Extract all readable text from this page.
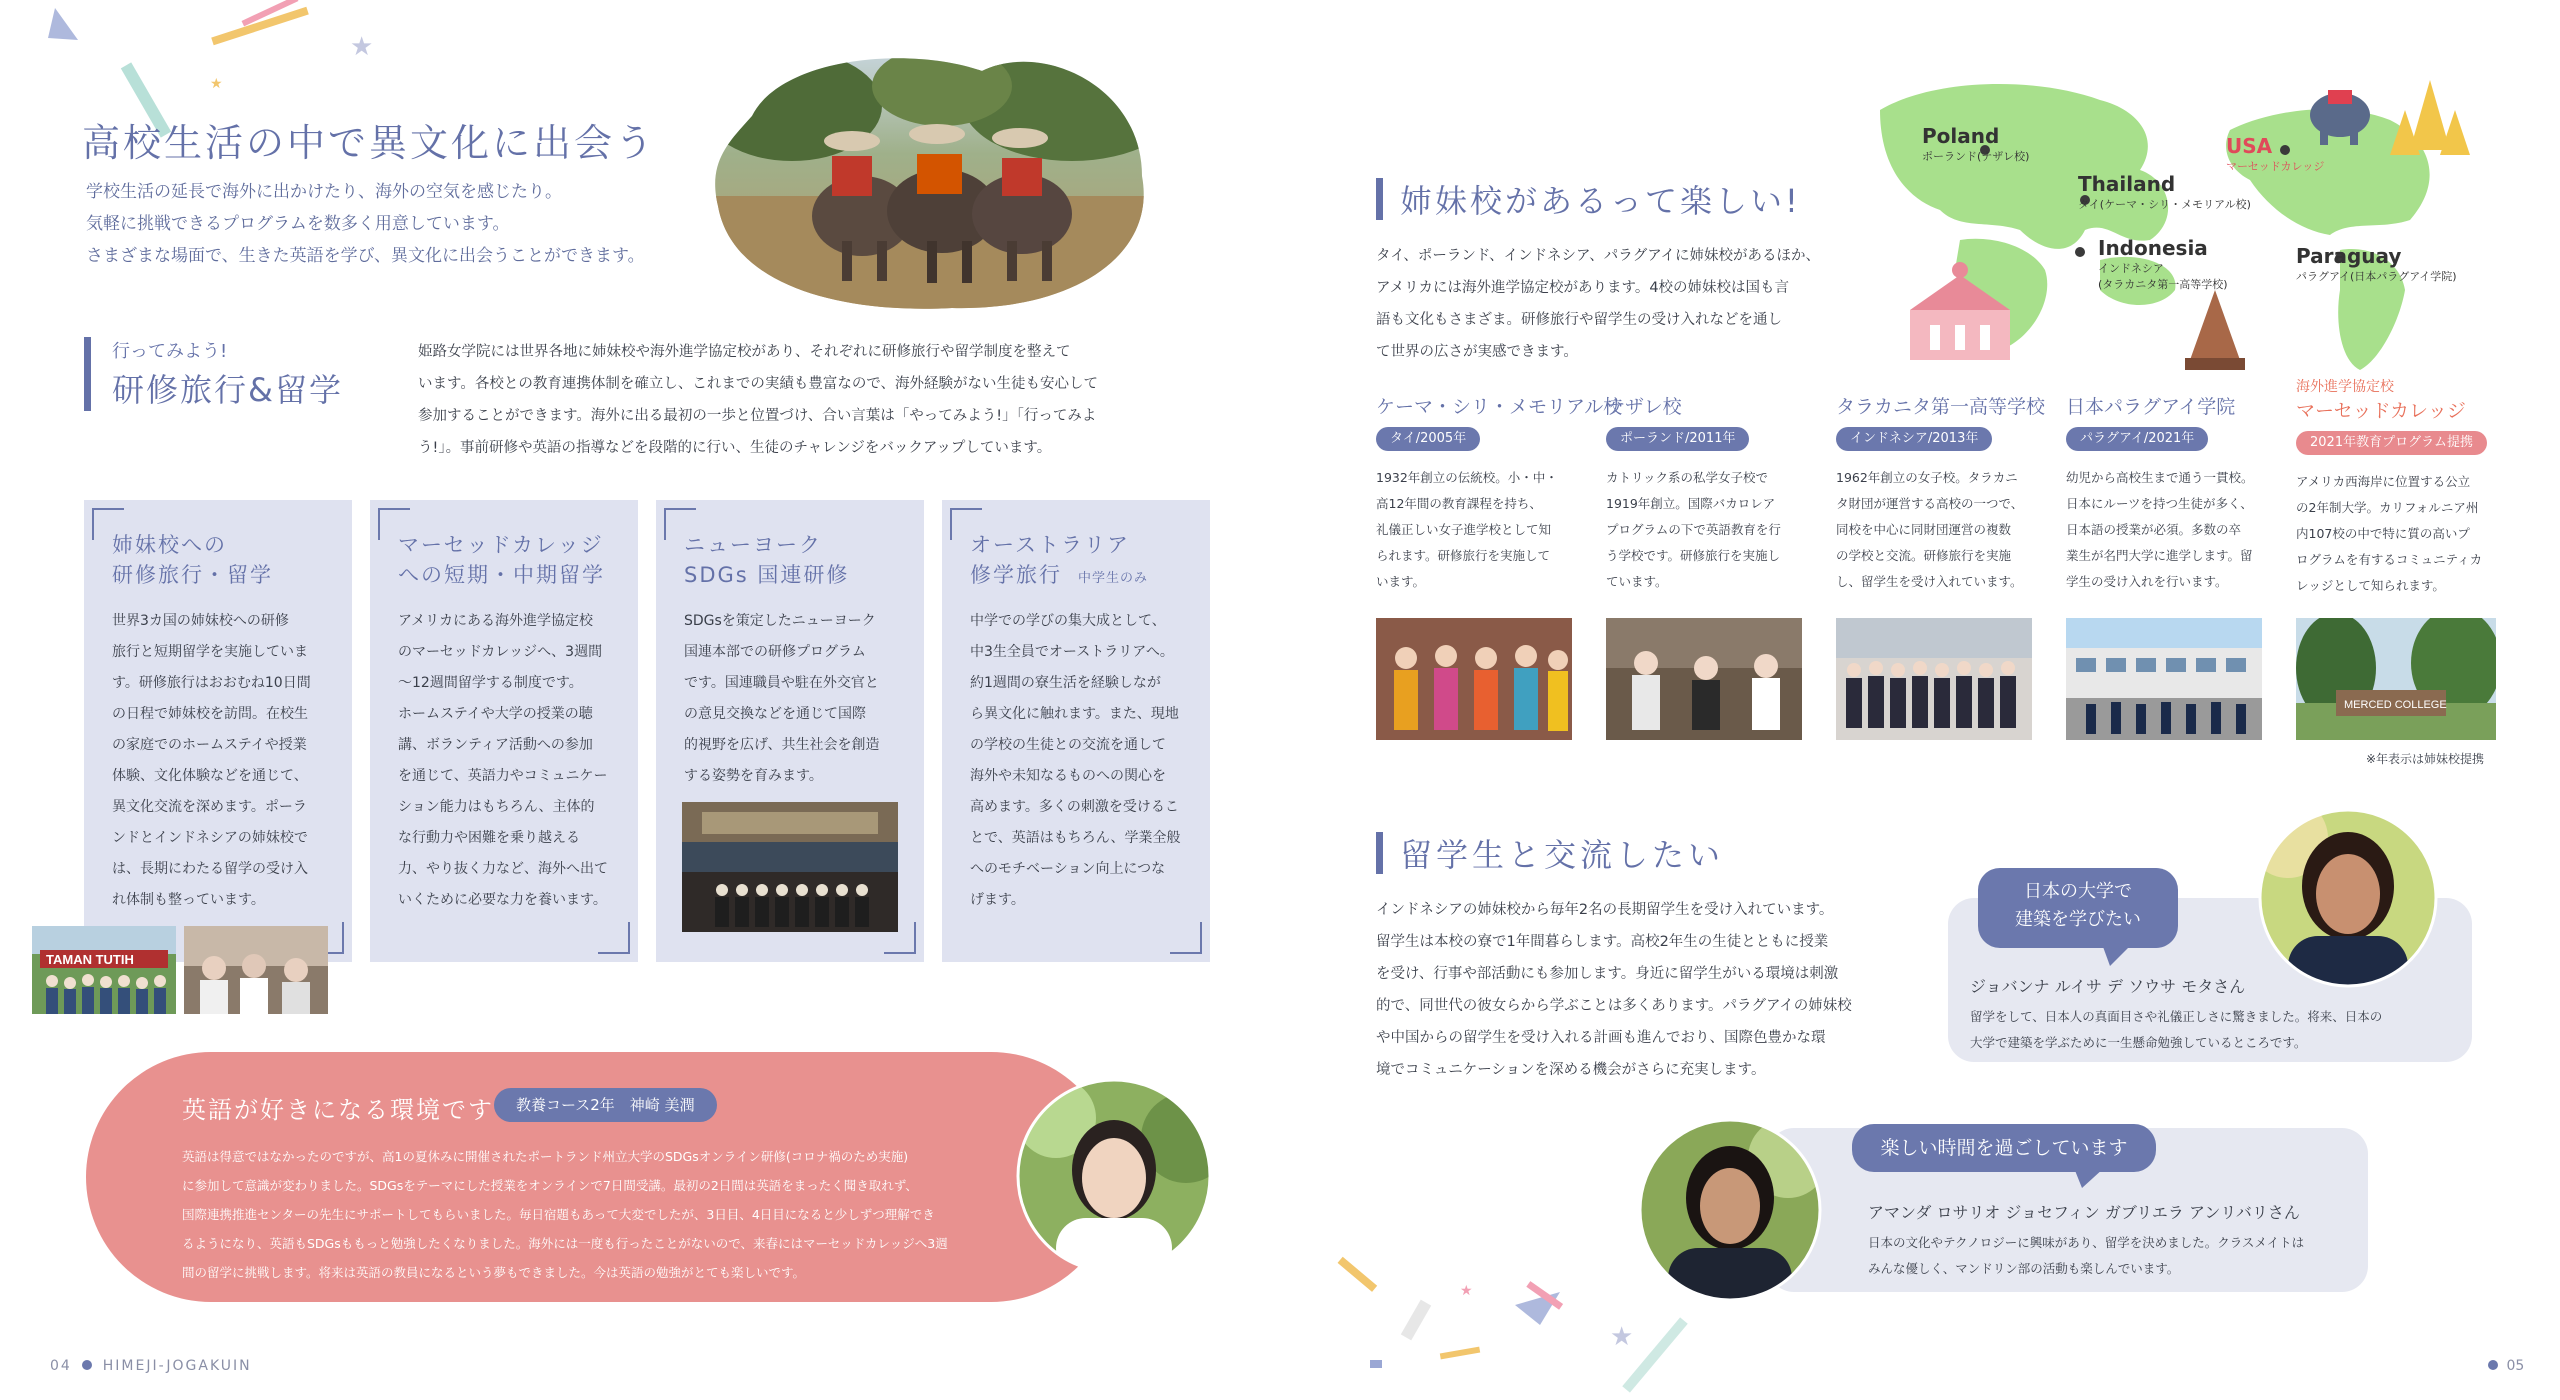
★
★
★
★
高校生活の中で異文化に出会う
学校生活の延長で海外に出かけたり、海外の空気を感じたり。
気軽に挑戦できるプログラムを数多く用意しています。
さまざまな場面で、生きた英語を学び、異文化に出会うことができます。
行ってみよう!
研修旅行&留学
姫路女学院には世界各地に姉妹校や海外進学協定校があり、それぞれに研修旅行や留学制度を整えて
います。各校との教育連携体制を確立し、これまでの実績も豊富なので、海外経験がない生徒も安心して
参加することができます。海外に出る最初の一歩と位置づけ、合い言葉は「やってみよう!」「行ってみよ
う!」。事前研修や英語の指導などを段階的に行い、生徒のチャレンジをバックアップしています。
姉妹校への
研修旅行・留学
世界3カ国の姉妹校への研修
旅行と短期留学を実施していま
す。研修旅行はおおむね10日間
の日程で姉妹校を訪問。在校生
の家庭でのホームステイや授業
体験、文化体験などを通じて、
異文化交流を深めます。ポーラ
ンドとインドネシアの姉妹校で
は、長期にわたる留学の受け入
れ体制も整っています。
マーセッドカレッジ
への短期・中期留学
アメリカにある海外進学協定校
のマーセッドカレッジへ、3週間
〜12週間留学する制度です。
ホームステイや大学の授業の聴
講、ボランティア活動への参加
を通じて、英語力やコミュニケー
ション能力はもちろん、主体的
な行動力や困難を乗り越える
力、やり抜く力など、海外へ出て
いくために必要な力を養います。
ニューヨーク
SDGs 国連研修
SDGsを策定したニューヨーク
国連本部での研修プログラム
です。国連職員や駐在外交官と
の意見交換などを通じて国際
的視野を広げ、共生社会を創造
する姿勢を育みます。
オーストラリア
修学旅行 中学生のみ
中学での学びの集大成として、
中3生全員でオーストラリアへ。
約1週間の寮生活を経験しなが
ら異文化に触れます。また、現地
の学校の生徒との交流を通して
海外や未知なるものへの関心を
高めます。多くの刺激を受けるこ
とで、英語はもちろん、学業全般
へのモチベーション向上につな
げます。
TAMAN TUTIH
英語が好きになる環境です	教養コース2年　神崎 美潤
英語は得意ではなかったのですが、高1の夏休みに開催されたポートランド州立大学のSDGsオンライン研修(コロナ禍のため実施)
に参加して意識が変わりました。SDGsをテーマにした授業をオンラインで7日間受講。最初の2日間は英語をまったく聞き取れず、
国際連携推進センターの先生にサポートしてもらいました。毎日宿題もあって大変でしたが、3日目、4日目になると少しずつ理解でき
るようになり、英語もSDGsももっと勉強したくなりました。海外には一度も行ったことがないので、来春にはマーセッドカレッジへ3週
間の留学に挑戦します。将来は英語の教員になるという夢もできました。今は英語の勉強がとても楽しいです。
04 HIMEJI-JOGAKUIN
姉妹校があるって楽しい!
タイ、ポーランド、インドネシア、パラグアイに姉妹校があるほか、
アメリカには海外進学協定校があります。4校の姉妹校は国も言
語も文化もさまざま。研修旅行や留学生の受け入れなどを通し
て世界の広さが実感できます。
Poland
ポーランド(ナザレ校)
Thailand
タイ(ケーマ・シリ・メモリアル校)
USA
マーセッドカレッジ
Indonesia
インドネシア
(タラカニタ第一高等学校)
Paraguay
パラグアイ(日本パラグアイ学院)
ケーマ・シリ・メモリアル校
タイ/2005年
1932年創立の伝統校。小・中・
高12年間の教育課程を持ち、
礼儀正しい女子進学校として知
られます。研修旅行を実施して
います。
ナザレ校
ポーランド/2011年
カトリック系の私学女子校で
1919年創立。国際バカロレア
プログラムの下で英語教育を行
う学校です。研修旅行を実施し
ています。
タラカニタ第一高等学校
インドネシア/2013年
1962年創立の女子校。タラカニ
タ財団が運営する高校の一つで、
同校を中心に同財団運営の複数
の学校と交流。研修旅行を実施
し、留学生を受け入れています。
日本パラグアイ学院
パラグアイ/2021年
幼児から高校生まで通う一貫校。
日本にルーツを持つ生徒が多く、
日本語の授業が必須。多数の卒
業生が名門大学に進学します。留
学生の受け入れを行います。
海外進学協定校
マーセッドカレッジ
2021年教育プログラム提携
アメリカ西海岸に位置する公立
の2年制大学。カリフォルニア州
内107校の中で特に質の高いプ
ログラムを有するコミュニティカ
レッジとして知られます。
MERCED COLLEGE
※年表示は姉妹校提携
留学生と交流したい
インドネシアの姉妹校から毎年2名の長期留学生を受け入れています。
留学生は本校の寮で1年間暮らします。高校2年生の生徒とともに授業
を受け、行事や部活動にも参加します。身近に留学生がいる環境は刺激
的で、同世代の彼女らから学ぶことは多くあります。パラグアイの姉妹校
や中国からの留学生を受け入れる計画も進んでおり、国際色豊かな環
境でコミュニケーションを深める機会がさらに充実します。
ジョバンナ ルイサ デ ソウサ モタさん
留学をして、日本人の真面目さや礼儀正しさに驚きました。将来、日本の
大学で建築を学ぶために一生懸命勉強しているところです。
日本の大学で
建築を学びたい
アマンダ ロサリオ ジョセフィン ガブリエラ アンリバリさん
日本の文化やテクノロジーに興味があり、留学を決めました。クラスメイトは
みんな優しく、マンドリン部の活動も楽しんでいます。
楽しい時間を過ごしています
05
